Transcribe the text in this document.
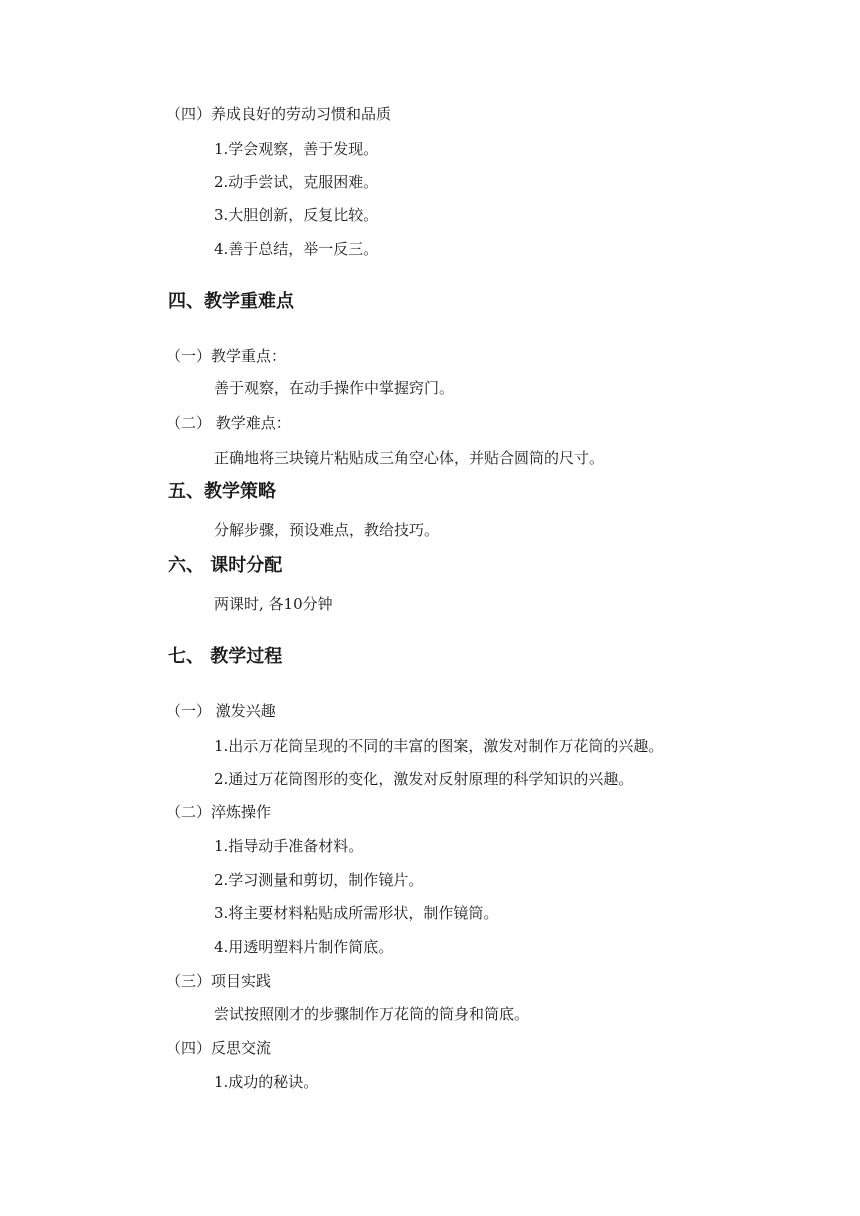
（四）养成良好的劳动习惯和品质
1.学会观察，善于发现。
2.动手尝试，克服困难。
3.大胆创新，反复比较。
4.善于总结，举一反三。
四、教学重难点
（一）教学重点：
善于观察，在动手操作中掌握窍门。
（二） 教学难点：
正确地将三块镜片粘贴成三角空心体，并贴合圆筒的尺寸。
五、教学策略
分解步骤，预设难点，教给技巧。
六、 课时分配
两课时, 各10分钟
七、 教学过程
（一） 激发兴趣
1.出示万花筒呈现的不同的丰富的图案，激发对制作万花筒的兴趣。
2.通过万花筒图形的变化，激发对反射原理的科学知识的兴趣。
（二）淬炼操作
1.指导动手准备材料。
2.学习测量和剪切，制作镜片。
3.将主要材料粘贴成所需形状，制作镜筒。
4.用透明塑料片制作简底。
（三）项目实践
尝试按照刚才的步骤制作万花筒的筒身和筒底。
（四）反思交流
1.成功的秘诀。
